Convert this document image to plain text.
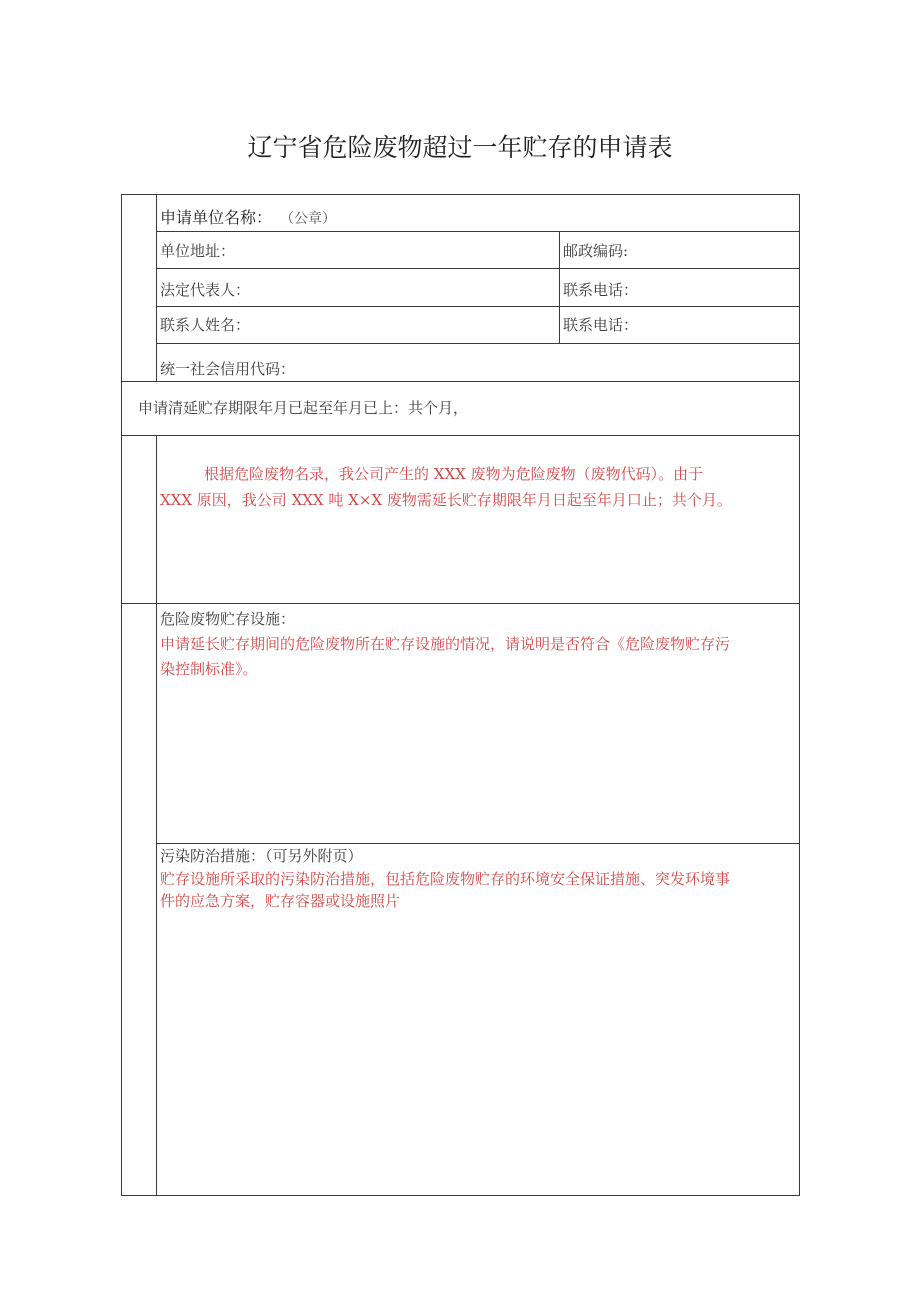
辽宁省危险废物超过一年贮存的申请表
申请单位名称： （公章）
单位地址：	邮政编码:
法定代表人：	联系电话：
联系人姓名：	联系电话：
统一社会信用代码：
申请清延贮存期限年月已起至年月已上：共个月，
根据危险废物名录，我公司产生的 XXX 废物为危险废物（废物代码）。由于
XXX 原因，我公司 XXX 吨 X×X 废物需延长贮存期限年月日起至年月口止；共个月。
危险废物贮存设施：
申请延长贮存期间的危险废物所在贮存设施的情况，请说明是否符合《危险废物贮存污
染控制标准》。
污染防治措施：（可另外附页）
贮存设施所采取的污染防治措施，包括危险废物贮存的环境安全保证措施、突发环境事
件的应急方案，贮存容器或设施照片
